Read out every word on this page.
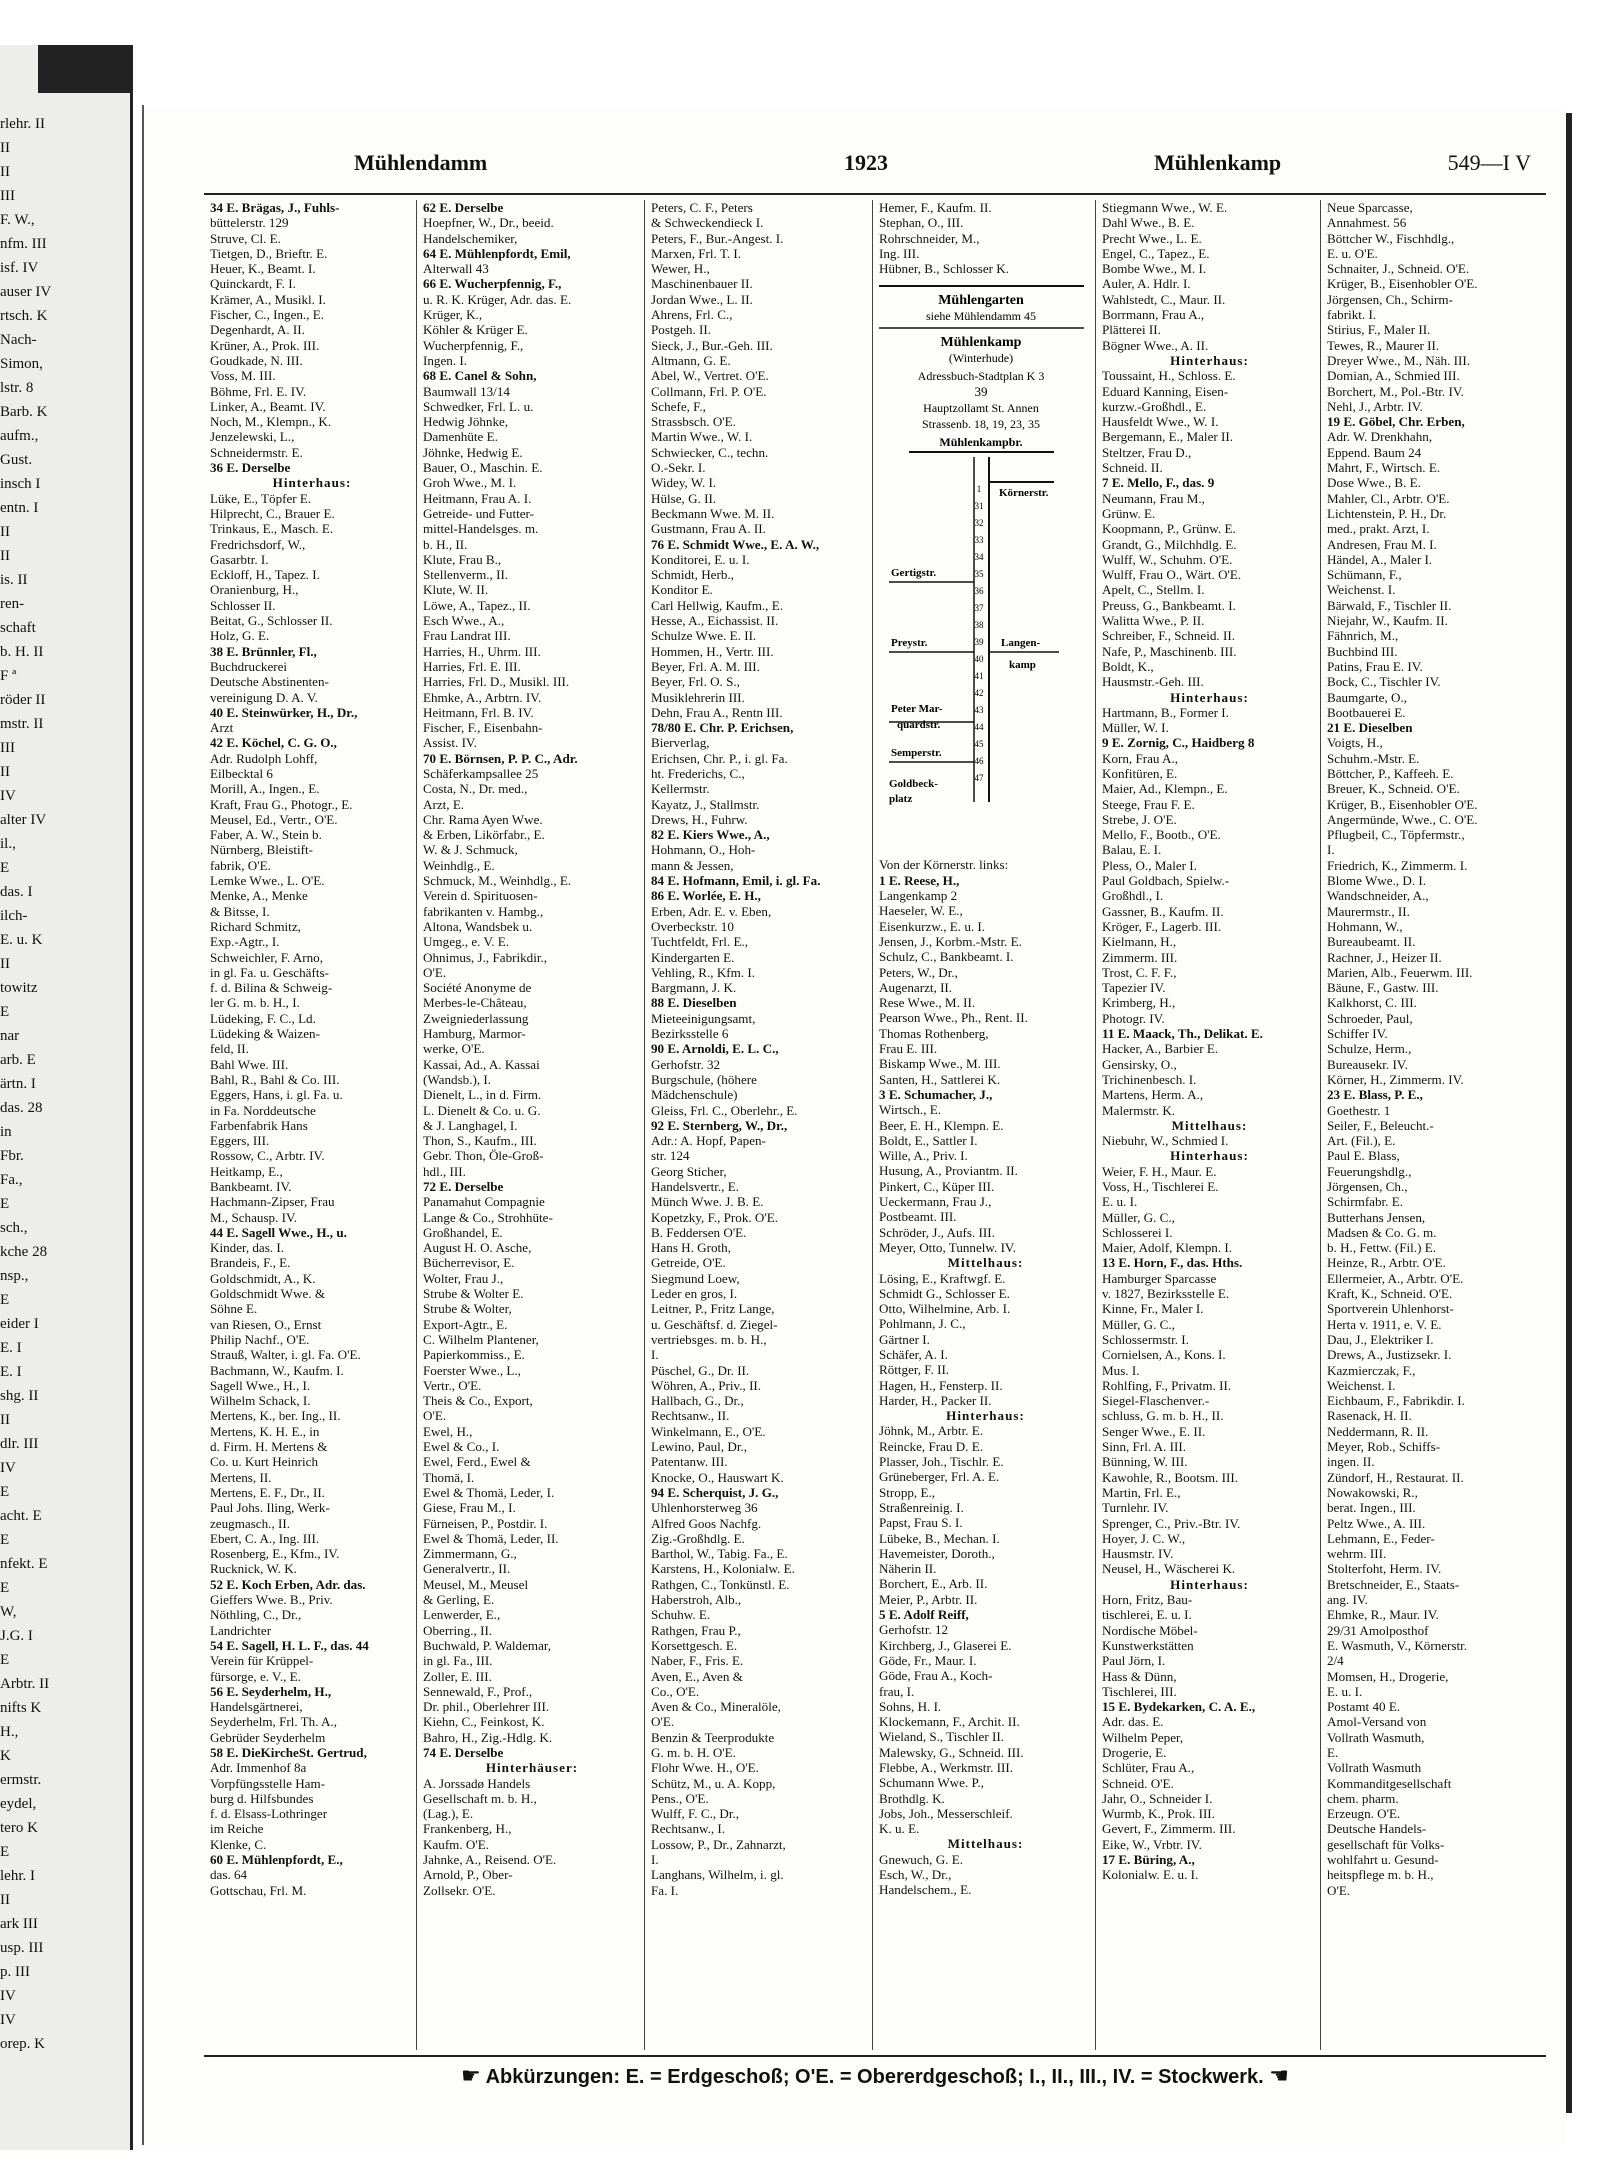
rlehr. II
II
II
III
F. W.,
nfm. III
isf. IV
auser IV
rtsch. K
Nach-
Simon,
lstr. 8
Barb. K
aufm.,
Gust.
insch I
entn. I
II
II
is. II
ren-
schaft
b. H. II
F ª
röder II
mstr. II
III
II
IV
alter IV
il.,
E
das. I
ilch-
E. u. K
II
towitz
E
nar
arb. E
ärtn. I
das. 28
in
Fbr.
Fa.,
E
sch.,
kche 28
nsp.,
E
eider I
E. I
E. I
shg. II
II
dlr. III
IV
E
acht. E
E
nfekt. E
E
W,
J.G. I
E
Arbtr. II
nifts K
H.,
K
ermstr.
eydel,
tero K
E
lehr. I
II
ark III
usp. III
p. III
IV
IV
orep. K
Mühlendamm	1923	Mühlenkamp	549—I V
34 E. Brägas, J., Fuhls-
büttelerstr. 129
Struve, Cl. E.
Tietgen, D., Brieftr. E.
Heuer, K., Beamt. I.
Quinckardt, F. I.
Krämer, A., Musikl. I.
Fischer, C., Ingen., E.
Degenhardt, A. II.
Krüner, A., Prok. III.
Goudkade, N. III.
Voss, M. III.
Böhme, Frl. E. IV.
Linker, A., Beamt. IV.
Noch, M., Klempn., K.
Jenzelewski, L.,
Schneidermstr. E.
36 E. Derselbe
Hinterhaus:
Lüke, E., Töpfer E.
Hilprecht, C., Brauer E.
Trinkaus, E., Masch. E.
Fredrichsdorf, W.,
Gasarbtr. I.
Eckloff, H., Tapez. I.
Oranienburg, H.,
Schlosser II.
Beitat, G., Schlosser II.
Holz, G. E.
38 E. Brünnler, Fl.,
Buchdruckerei
Deutsche Abstinenten-
vereinigung D. A. V.
40 E. Steinwürker, H., Dr.,
Arzt
42 E. Köchel, C. G. O.,
Adr. Rudolph Lohff,
Eilbecktal 6
Morill, A., Ingen., E.
Kraft, Frau G., Photogr., E.
Meusel, Ed., Vertr., O'E.
Faber, A. W., Stein b.
Nürnberg, Bleistift-
fabrik, O'E.
Lemke Wwe., L. O'E.
Menke, A., Menke
& Bitsse, I.
Richard Schmitz,
Exp.-Agtr., I.
Schweichler, F. Arno,
in gl. Fa. u. Geschäfts-
f. d. Bilina & Schweig-
ler G. m. b. H., I.
Lüdeking, F. C., Ld.
Lüdeking & Waizen-
feld, II.
Bahl Wwe. III.
Bahl, R., Bahl & Co. III.
Eggers, Hans, i. gl. Fa. u.
in Fa. Norddeutsche
Farbenfabrik Hans
Eggers, III.
Rossow, C., Arbtr. IV.
Heitkamp, E.,
Bankbeamt. IV.
Hachmann-Zipser, Frau
M., Schausp. IV.
44 E. Sagell Wwe., H., u.
Kinder, das. I.
Brandeis, F., E.
Goldschmidt, A., K.
Goldschmidt Wwe. &
Söhne E.
van Riesen, O., Ernst
Philip Nachf., O'E.
Strauß, Walter, i. gl. Fa. O'E.
Bachmann, W., Kaufm. I.
Sagell Wwe., H., I.
Wilhelm Schack, I.
Mertens, K., ber. Ing., II.
Mertens, K. H. E., in
d. Firm. H. Mertens &
Co. u. Kurt Heinrich
Mertens, II.
Mertens, E. F., Dr., II.
Paul Johs. Iling, Werk-
zeugmasch., II.
Ebert, C. A., Ing. III.
Rosenberg, E., Kfm., IV.
Rucknick, W. K.
52 E. Koch Erben, Adr. das.
Gieffers Wwe. B., Priv.
Nöthling, C., Dr.,
Landrichter
54 E. Sagell, H. L. F., das. 44
Verein für Krüppel-
fürsorge, e. V., E.
56 E. Seyderhelm, H.,
Handelsgärtnerei,
Seyderhelm, Frl. Th. A.,
Gebrüder Seyderhelm
58 E. DieKircheSt. Gertrud,
Adr. Immenhof 8a
Vorpfüngsstelle Ham-
burg d. Hilfsbundes
f. d. Elsass-Lothringer
im Reiche
Klenke, C.
60 E. Mühlenpfordt, E.,
das. 64
Gottschau, Frl. M.
62 E. Derselbe
Hoepfner, W., Dr., beeid.
Handelschemiker,
64 E. Mühlenpfordt, Emil,
Alterwall 43
66 E. Wucherpfennig, F.,
u. R. K. Krüger, Adr. das. E.
Krüger, K.,
Köhler & Krüger E.
Wucherpfennig, F.,
Ingen. I.
68 E. Canel & Sohn,
Baumwall 13/14
Schwedker, Frl. L. u.
Hedwig Jöhnke,
Damenhüte E.
Jöhnke, Hedwig E.
Bauer, O., Maschin. E.
Groh Wwe., M. I.
Heitmann, Frau A. I.
Getreide- und Futter-
mittel-Handelsges. m.
b. H., II.
Klute, Frau B.,
Stellenverm., II.
Klute, W. II.
Löwe, A., Tapez., II.
Esch Wwe., A.,
Frau Landrat III.
Harries, H., Uhrm. III.
Harries, Frl. E. III.
Harries, Frl. D., Musikl. III.
Ehmke, A., Arbtrn. IV.
Heitmann, Frl. B. IV.
Fischer, F., Eisenbahn-
Assist. IV.
70 E. Börnsen, P. P. C., Adr.
Schäferkampsallee 25
Costa, N., Dr. med.,
Arzt, E.
Chr. Rama Ayen Wwe.
& Erben, Likörfabr., E.
W. & J. Schmuck,
Weinhdlg., E.
Schmuck, M., Weinhdlg., E.
Verein d. Spirituosen-
fabrikanten v. Hambg.,
Altona, Wandsbek u.
Umgeg., e. V. E.
Ohnimus, J., Fabrikdir.,
O'E.
Société Anonyme de
Merbes-le-Château,
Zweigniederlassung
Hamburg, Marmor-
werke, O'E.
Kassai, Ad., A. Kassai
(Wandsb.), I.
Dienelt, L., in d. Firm.
L. Dienelt & Co. u. G.
& J. Langhagel, I.
Thon, S., Kaufm., III.
Gebr. Thon, Öle-Groß-
hdl., III.
72 E. Derselbe
Panamahut Compagnie
Lange & Co., Strohhüte-
Großhandel, E.
August H. O. Asche,
Bücherrevisor, E.
Wolter, Frau J.,
Strube & Wolter E.
Strube & Wolter,
Export-Agtr., E.
C. Wilhelm Plantener,
Papierkommiss., E.
Foerster Wwe., L.,
Vertr., O'E.
Theis & Co., Export,
O'E.
Ewel, H.,
Ewel & Co., I.
Ewel, Ferd., Ewel &
Thomä, I.
Ewel & Thomä, Leder, I.
Giese, Frau M., I.
Fürneisen, P., Postdir. I.
Ewel & Thomä, Leder, II.
Zimmermann, G.,
Generalvertr., II.
Meusel, M., Meusel
& Gerling, E.
Lenwerder, E.,
Oberring., II.
Buchwald, P. Waldemar,
in gl. Fa., III.
Zoller, E. III.
Sennewald, F., Prof.,
Dr. phil., Oberlehrer III.
Kiehn, C., Feinkost, K.
Bahro, H., Zig.-Hdlg. K.
74 E. Derselbe
Hinterhäuser:
A. Jorssadø Handels
Gesellschaft m. b. H.,
(Lag.), E.
Frankenberg, H.,
Kaufm. O'E.
Jahnke, A., Reisend. O'E.
Arnold, P., Ober-
Zollsekr. O'E.
Peters, C. F., Peters
& Schweckendieck I.
Peters, F., Bur.-Angest. I.
Marxen, Frl. T. I.
Wewer, H.,
Maschinenbauer II.
Jordan Wwe., L. II.
Ahrens, Frl. C.,
Postgeh. II.
Sieck, J., Bur.-Geh. III.
Altmann, G. E.
Abel, W., Vertret. O'E.
Collmann, Frl. P. O'E.
Schefe, F.,
Strassbsch. O'E.
Martin Wwe., W. I.
Schwiecker, C., techn.
O.-Sekr. I.
Widey, W. I.
Hülse, G. II.
Beckmann Wwe. M. II.
Gustmann, Frau A. II.
76 E. Schmidt Wwe., E. A. W.,
Konditorei, E. u. I.
Schmidt, Herb.,
Konditor E.
Carl Hellwig, Kaufm., E.
Hesse, A., Eichassist. II.
Schulze Wwe. E. II.
Hommen, H., Vertr. III.
Beyer, Frl. A. M. III.
Beyer, Frl. O. S.,
Musiklehrerin III.
Dehn, Frau A., Rentn III.
78/80 E. Chr. P. Erichsen,
Bierverlag,
Erichsen, Chr. P., i. gl. Fa.
ht. Frederichs, C.,
Kellermstr.
Kayatz, J., Stallmstr.
Drews, H., Fuhrw.
82 E. Kiers Wwe., A.,
Hohmann, O., Hoh-
mann & Jessen,
84 E. Hofmann, Emil, i. gl. Fa.
86 E. Worlée, E. H.,
Erben, Adr. E. v. Eben,
Overbeckstr. 10
Tuchtfeldt, Frl. E.,
Kindergarten E.
Vehling, R., Kfm. I.
Bargmann, J. K.
88 E. Dieselben
Mieteeinigungsamt,
Bezirksstelle 6
90 E. Arnoldi, E. L. C.,
Gerhofstr. 32
Burgschule, (höhere
Mädchenschule)
Gleiss, Frl. C., Oberlehr., E.
92 E. Sternberg, W., Dr.,
Adr.: A. Hopf, Papen-
str. 124
Georg Sticher,
Handelsvertr., E.
Münch Wwe. J. B. E.
Kopetzky, F., Prok. O'E.
B. Feddersen O'E.
Hans H. Groth,
Getreide, O'E.
Siegmund Loew,
Leder en gros, I.
Leitner, P., Fritz Lange,
u. Geschäftsf. d. Ziegel-
vertriebsges. m. b. H.,
I.
Püschel, G., Dr. II.
Wöhren, A., Priv., II.
Hallbach, G., Dr.,
Rechtsanw., II.
Winkelmann, E., O'E.
Lewino, Paul, Dr.,
Patentanw. III.
Knocke, O., Hauswart K.
94 E. Scherquist, J. G.,
Uhlenhorsterweg 36
Alfred Goos Nachfg.
Zig.-Großhdlg. E.
Barthol, W., Tabig. Fa., E.
Karstens, H., Kolonialw. E.
Rathgen, C., Tonkünstl. E.
Haberstroh, Alb.,
Schuhw. E.
Rathgen, Frau P.,
Korsettgesch. E.
Naber, F., Fris. E.
Aven, E., Aven &
Co., O'E.
Aven & Co., Mineralöle,
O'E.
Benzin & Teerprodukte
G. m. b. H. O'E.
Flohr Wwe. H., O'E.
Schütz, M., u. A. Kopp,
Pens., O'E.
Wulff, F. C., Dr.,
Rechtsanw., I.
Lossow, P., Dr., Zahnarzt,
I.
Langhans, Wilhelm, i. gl.
Fa. I.
Hemer, F., Kaufm. II.
Stephan, O., III.
Rohrschneider, M.,
Ing. III.
Hübner, B., Schlosser K.
Mühlengarten
siehe Mühlendamm 45
Mühlenkamp
(Winterhude)
Adressbuch-Stadtplan K 3
39
Hauptzollamt St. Annen
Strassenb. 18, 19, 23, 35
Mühlenkampbr.
Körnerstr.
Gertigstr.
Preystr.	Langen-
kamp
Peter Mar-
quardstr.
Semperstr.
Goldbeck-
platz
1
31
32
33
34
35
36
37
38
39
40
41
42
43
44
45
46
47
Von der Körnerstr. links:
1 E. Reese, H.,
Langenkamp 2
Haeseler, W. E.,
Eisenkurzw., E. u. I.
Jensen, J., Korbm.-Mstr. E.
Schulz, C., Bankbeamt. I.
Peters, W., Dr.,
Augenarzt, II.
Rese Wwe., M. II.
Pearson Wwe., Ph., Rent. II.
Thomas Rothenberg,
Frau E. III.
Biskamp Wwe., M. III.
Santen, H., Sattlerei K.
3 E. Schumacher, J.,
Wirtsch., E.
Beer, E. H., Klempn. E.
Boldt, E., Sattler I.
Wille, A., Priv. I.
Husung, A., Proviantm. II.
Pinkert, C., Küper III.
Ueckermann, Frau J.,
Postbeamt. III.
Schröder, J., Aufs. III.
Meyer, Otto, Tunnelw. IV.
Mittelhaus:
Lösing, E., Kraftwgf. E.
Schmidt G., Schlosser E.
Otto, Wilhelmine, Arb. I.
Pohlmann, J. C.,
Gärtner I.
Schäfer, A. I.
Röttger, F. II.
Hagen, H., Fensterp. II.
Harder, H., Packer II.
Hinterhaus:
Jöhnk, M., Arbtr. E.
Reincke, Frau D. E.
Plasser, Joh., Tischlr. E.
Grüneberger, Frl. A. E.
Stropp, E.,
Straßenreinig. I.
Papst, Frau S. I.
Lübeke, B., Mechan. I.
Havemeister, Doroth.,
Näherin II.
Borchert, E., Arb. II.
Meier, P., Arbtr. II.
5 E. Adolf Reiff,
Gerhofstr. 12
Kirchberg, J., Glaserei E.
Göde, Fr., Maur. I.
Göde, Frau A., Koch-
frau, I.
Sohns, H. I.
Klockemann, F., Archit. II.
Wieland, S., Tischler II.
Malewsky, G., Schneid. III.
Flebbe, A., Werkmstr. III.
Schumann Wwe. P.,
Brothdlg. K.
Jobs, Joh., Messerschleif.
K. u. E.
Mittelhaus:
Gnewuch, G. E.
Esch, W., Dr.,
Handelschem., E.
Stiegmann Wwe., W. E.
Dahl Wwe., B. E.
Precht Wwe., L. E.
Engel, C., Tapez., E.
Bombe Wwe., M. I.
Auler, A. Hdlr. I.
Wahlstedt, C., Maur. II.
Borrmann, Frau A.,
Plätterei II.
Bögner Wwe., A. II.
Hinterhaus:
Toussaint, H., Schloss. E.
Eduard Kanning, Eisen-
kurzw.-Großhdl., E.
Hausfeldt Wwe., W. I.
Bergemann, E., Maler II.
Steltzer, Frau D.,
Schneid. II.
7 E. Mello, F., das. 9
Neumann, Frau M.,
Grünw. E.
Koopmann, P., Grünw. E.
Grandt, G., Milchhdlg. E.
Wulff, W., Schuhm. O'E.
Wulff, Frau O., Wärt. O'E.
Apelt, C., Stellm. I.
Preuss, G., Bankbeamt. I.
Walitta Wwe., P. II.
Schreiber, F., Schneid. II.
Nafe, P., Maschinenb. III.
Boldt, K.,
Hausmstr.-Geh. III.
Hinterhaus:
Hartmann, B., Former I.
Müller, W. I.
9 E. Zornig, C., Haidberg 8
Korn, Frau A.,
Konfitüren, E.
Maier, Ad., Klempn., E.
Steege, Frau F. E.
Strebe, J. O'E.
Mello, F., Bootb., O'E.
Balau, E. I.
Pless, O., Maler I.
Paul Goldbach, Spielw.-
Großhdl., I.
Gassner, B., Kaufm. II.
Kröger, F., Lagerb. III.
Kielmann, H.,
Zimmerm. III.
Trost, C. F. F.,
Tapezier IV.
Krimberg, H.,
Photogr. IV.
11 E. Maack, Th., Delikat. E.
Hacker, A., Barbier E.
Gensirsky, O.,
Trichinenbesch. I.
Martens, Herm. A.,
Malermstr. K.
Mittelhaus:
Niebuhr, W., Schmied I.
Hinterhaus:
Weier, F. H., Maur. E.
Voss, H., Tischlerei E.
E. u. I.
Müller, G. C.,
Schlosserei I.
Maier, Adolf, Klempn. I.
13 E. Horn, F., das. Hths.
Hamburger Sparcasse
v. 1827, Bezirksstelle E.
Kinne, Fr., Maler I.
Müller, G. C.,
Schlossermstr. I.
Cornielsen, A., Kons. I.
Mus. I.
Rohlfing, F., Privatm. II.
Siegel-Flaschenver.-
schluss, G. m. b. H., II.
Senger Wwe., E. II.
Sinn, Frl. A. III.
Bünning, W. III.
Kawohle, R., Bootsm. III.
Martin, Frl. E.,
Turnlehr. IV.
Sprenger, C., Priv.-Btr. IV.
Hoyer, J. C. W.,
Hausmstr. IV.
Neusel, H., Wäscherei K.
Hinterhaus:
Horn, Fritz, Bau-
tischlerei, E. u. I.
Nordische Möbel-
Kunstwerkstätten
Paul Jörn, I.
Hass & Dünn,
Tischlerei, III.
15 E. Bydekarken, C. A. E.,
Adr. das. E.
Wilhelm Peper,
Drogerie, E.
Schlüter, Frau A.,
Schneid. O'E.
Jahr, O., Schneider I.
Wurmb, K., Prok. III.
Gevert, F., Zimmerm. III.
Eike, W., Vrbtr. IV.
17 E. Büring, A.,
Kolonialw. E. u. I.
Neue Sparcasse,
Annahmest. 56
Böttcher W., Fischhdlg.,
E. u. O'E.
Schnaiter, J., Schneid. O'E.
Krüger, B., Eisenhobler O'E.
Jörgensen, Ch., Schirm-
fabrikt. I.
Stirius, F., Maler II.
Tewes, R., Maurer II.
Dreyer Wwe., M., Näh. III.
Domian, A., Schmied III.
Borchert, M., Pol.-Btr. IV.
Nehl, J., Arbtr. IV.
19 E. Göbel, Chr. Erben,
Adr. W. Drenkhahn,
Eppend. Baum 24
Mahrt, F., Wirtsch. E.
Dose Wwe., B. E.
Mahler, Cl., Arbtr. O'E.
Lichtenstein, P. H., Dr.
med., prakt. Arzt, I.
Andresen, Frau M. I.
Händel, A., Maler I.
Schümann, F.,
Weichenst. I.
Bärwald, F., Tischler II.
Niejahr, W., Kaufm. II.
Fähnrich, M.,
Buchbind III.
Patins, Frau E. IV.
Bock, C., Tischler IV.
Baumgarte, O.,
Bootbauerei E.
21 E. Dieselben
Voigts, H.,
Schuhm.-Mstr. E.
Böttcher, P., Kaffeeh. E.
Breuer, K., Schneid. O'E.
Krüger, B., Eisenhobler O'E.
Angermünde, Wwe., C. O'E.
Pflugbeil, C., Töpfermstr.,
I.
Friedrich, K., Zimmerm. I.
Blome Wwe., D. I.
Wandschneider, A.,
Maurermstr., II.
Hohmann, W.,
Bureaubeamt. II.
Rachner, J., Heizer II.
Marien, Alb., Feuerwm. III.
Bäune, F., Gastw. III.
Kalkhorst, C. III.
Schroeder, Paul,
Schiffer IV.
Schulze, Herm.,
Bureausekr. IV.
Körner, H., Zimmerm. IV.
23 E. Blass, P. E.,
Goethestr. 1
Seiler, F., Beleucht.-
Art. (Fil.), E.
Paul E. Blass,
Feuerungshdlg.,
Jörgensen, Ch.,
Schirmfabr. E.
Butterhans Jensen,
Madsen & Co. G. m.
b. H., Fettw. (Fil.) E.
Heinze, R., Arbtr. O'E.
Ellermeier, A., Arbtr. O'E.
Kraft, K., Schneid. O'E.
Sportverein Uhlenhorst-
Herta v. 1911, e. V. E.
Dau, J., Elektriker I.
Drews, A., Justizsekr. I.
Kazmierczak, F.,
Weichenst. I.
Eichbaum, F., Fabrikdir. I.
Rasenack, H. II.
Neddermann, R. II.
Meyer, Rob., Schiffs-
ingen. II.
Zündorf, H., Restaurat. II.
Nowakowski, R.,
berat. Ingen., III.
Peltz Wwe., A. III.
Lehmann, E., Feder-
wehrm. III.
Stolterfoht, Herm. IV.
Bretschneider, E., Staats-
ang. IV.
Ehmke, R., Maur. IV.
29/31 Amolposthof
E. Wasmuth, V., Körnerstr.
2/4
Momsen, H., Drogerie,
E. u. I.
Postamt 40 E.
Amol-Versand von
Vollrath Wasmuth,
E.
Vollrath Wasmuth
Kommanditgesellschaft
chem. pharm.
Erzeugn. O'E.
Deutsche Handels-
gesellschaft für Volks-
wohlfahrt u. Gesund-
heitspflege m. b. H.,
O'E.
☛ Abkürzungen: E. = Erdgeschoß; O'E. = Obererdgeschoß; I., II., III., IV. = Stockwerk. ☚
